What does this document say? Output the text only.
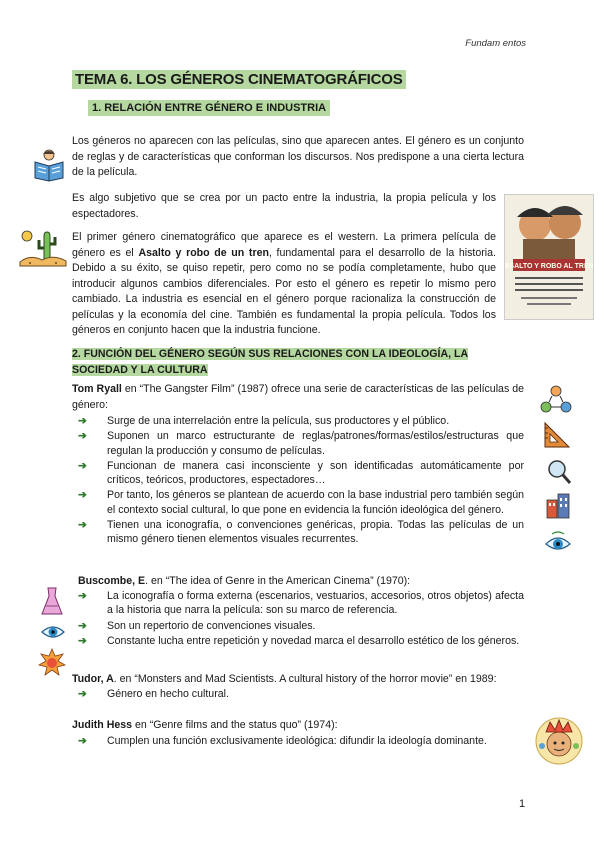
Fundam entos
TEMA 6. LOS GÉNEROS CINEMATOGRÁFICOS
1. RELACIÓN ENTRE GÉNERO E INDUSTRIA
Los géneros no aparecen con las películas, sino que aparecen antes. El género es un conjunto de reglas y de características que conforman los discursos. Nos predispone a una cierta lectura de la película.
Es algo subjetivo que se crea por un pacto entre la industria, la propia película y los espectadores.
El primer género cinematográfico que aparece es el western. La primera película de género es el Asalto y robo de un tren, fundamental para el desarrollo de la historia. Debido a su éxito, se quiso repetir, pero como no se podía completamente, hubo que introducir algunos cambios diferenciales. Por esto el género es repetir lo mismo pero cambiado. La industria es esencial en el género porque racionaliza la construcción de películas y la economía del cine. También es fundamental la propia película. Todos los géneros en conjunto hacen que la industria funcione.
ASALTO Y ROBO AL TREN
2. FUNCIÓN DEL GÉNERO SEGÚN SUS RELACIONES CON LA IDEOLOGÍA, LA SOCIEDAD Y LA CULTURA
Tom Ryall en “The Gangster Film” (1987) ofrece una serie de características de las películas de género:
➔ Surge de una interrelación entre la película, sus productores y el público.
➔ Suponen un marco estructurante de reglas/patrones/formas/estilos/estructuras que regulan la producción y consumo de películas.
➔ Funcionan de manera casi inconsciente y son identificadas automáticamente por críticos, teóricos, productores, espectadores…
➔ Por tanto, los géneros se plantean de acuerdo con la base industrial pero también según el contexto social cultural, lo que pone en evidencia la función ideológica del género.
➔ Tienen una iconografía, o convenciones genéricas, propia. Todas las películas de un mismo género tienen elementos visuales recurrentes.
Buscombe, E. en “The idea of Genre in the American Cinema” (1970):
➔ La iconografía o forma externa (escenarios, vestuarios, accesorios, otros objetos) afecta a la historia que narra la película: son su marco de referencia.
➔ Son un repertorio de convenciones visuales.
➔ Constante lucha entre repetición y novedad marca el desarrollo estético de los géneros.
Tudor, A. en “Monsters and Mad Scientists. A cultural history of the horror movie” en 1989:
➔ Género en hecho cultural.
Judith Hess en “Genre films and the status quo” (1974):
➔ Cumplen una función exclusivamente ideológica: difundir la ideología dominante.
1
